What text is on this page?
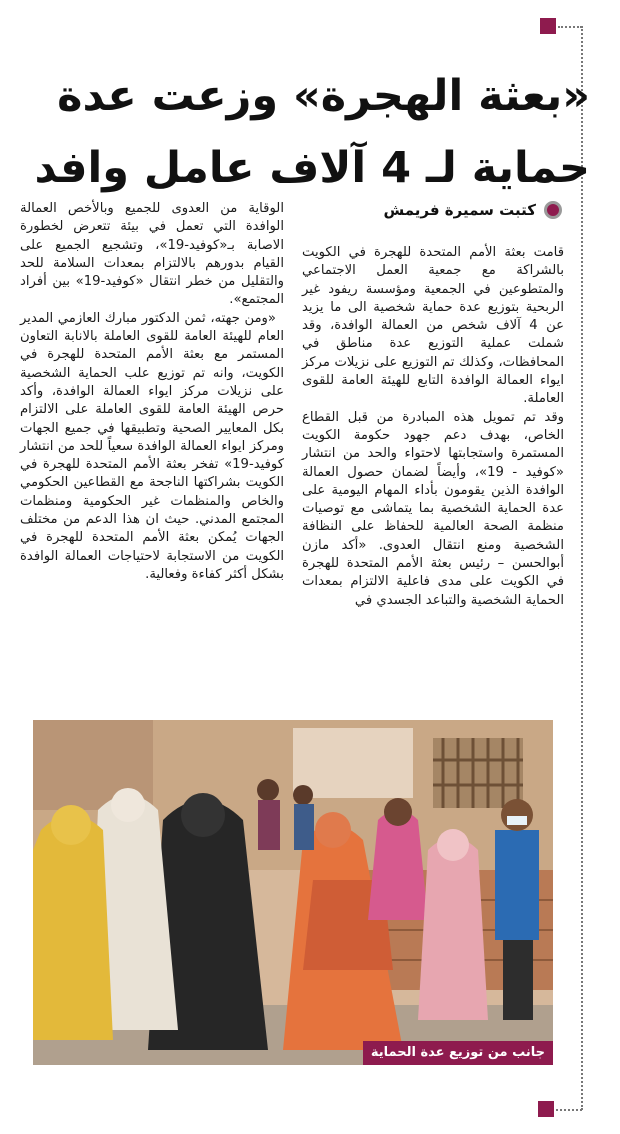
«بعثة الهجرة» وزعت عدة
حماية لـ 4 آلاف عامل وافد
كتبت سميرة فريمش

قامت بعثة الأمم المتحدة للهجرة في الكويت بالشراكة مع جمعية العمل الاجتماعي والمتطوعين في الجمعية ومؤسسة ريفود غير الربحية بتوزيع عدة حماية شخصية الى ما يزيد عن 4 آلاف شخص من العمالة الوافدة، وقد شملت عملية التوزيع عدة مناطق في المحافظات، وكذلك تم التوزيع على نزيلات مركز ايواء العمالة الوافدة التابع للهيئة العامة للقوى العاملة.

وقد تم تمويل هذه المبادرة من قبل القطاع الخاص، بهدف دعم جهود حكومة الكويت المستمرة واستجابتها لاحتواء والحد من انتشار «كوفيد - 19»، وأيضاً لضمان حصول العمالة الوافدة الذين يقومون بأداء المهام اليومية على عدة الحماية الشخصية بما يتماشى مع توصيات منظمة الصحة العالمية للحفاظ على النظافة الشخصية ومنع انتقال العدوى. «أكد مازن أبوالحسن – رئيس بعثة الأمم المتحدة للهجرة في الكويت على مدى فاعلية الالتزام بمعدات الحماية الشخصية والتباعد الجسدي في

الوقاية من العدوى للجميع وبالأخص العمالة الوافدة التي تعمل في بيئة تتعرض لخطورة الاصابة بـ«كوفيد-19»، وتشجيع الجميع على القيام بدورهم بالالتزام بمعدات السلامة للحد والتقليل من خطر انتقال «كوفيد-19» بين أفراد المجتمع».

«ومن جهته، ثمن الدكتور مبارك العازمي المدير العام للهيئة العامة للقوى العاملة بالانابة التعاون المستمر مع بعثة الأمم المتحدة للهجرة في الكويت، وانه تم توزيع علب الحماية الشخصية على نزيلات مركز ايواء العمالة الوافدة، وأكد حرص الهيئة العامة للقوى العاملة على الالتزام بكل المعايير الصحية وتطبيقها في جميع الجهات ومركز ايواء العمالة الوافدة سعياً للحد من انتشار كوفيد-19» تفخر بعثة الأمم المتحدة للهجرة في الكويت بشراكتها الناجحة مع القطاعين الحكومي والخاص والمنظمات غير الحكومية ومنظمات المجتمع المدني. حيث ان هذا الدعم من مختلف الجهات يُمكن بعثة الأمم المتحدة للهجرة في الكويت من الاستجابة لاحتياجات العمالة الوافدة بشكل أكثر كفاءة وفعالية.

جانب من توزيع عدة الحماية
